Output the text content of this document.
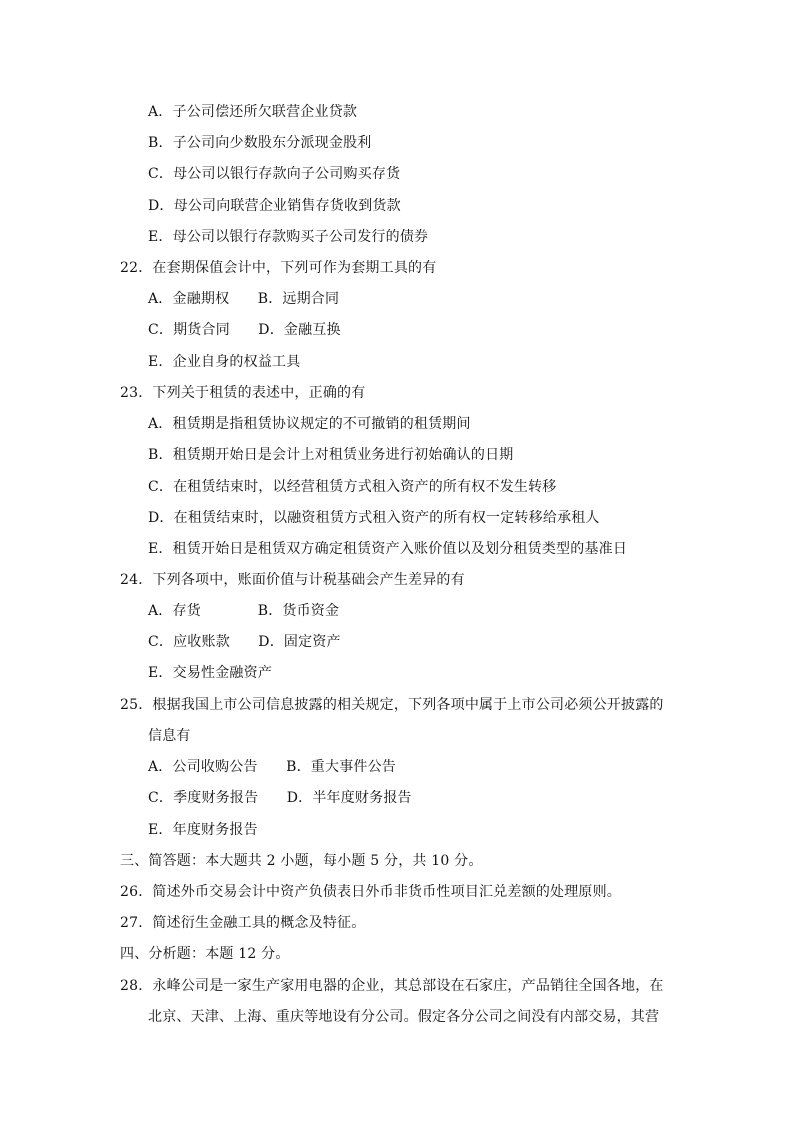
A．子公司偿还所欠联营企业贷款
B．子公司向少数股东分派现金股利
C．母公司以银行存款向子公司购买存货
D．母公司向联营企业销售存货收到货款
E．母公司以银行存款购买子公司发行的债券
22．在套期保值会计中，下列可作为套期工具的有
A．金融期权　　B．远期合同
C．期货合同　　D．金融互换
E．企业自身的权益工具
23．下列关于租赁的表述中，正确的有
A．租赁期是指租赁协议规定的不可撤销的租赁期间
B．租赁期开始日是会计上对租赁业务进行初始确认的日期
C．在租赁结束时，以经营租赁方式租入资产的所有权不发生转移
D．在租赁结束时，以融资租赁方式租入资产的所有权一定转移给承租人
E．租赁开始日是租赁双方确定租赁资产入账价值以及划分租赁类型的基准日
24．下列各项中，账面价值与计税基础会产生差异的有
A．存货　　　　B．货币资金
C．应收账款　　D．固定资产
E．交易性金融资产
25．根据我国上市公司信息披露的相关规定，下列各项中属于上市公司必须公开披露的
信息有
A．公司收购公告　　B．重大事件公告
C．季度财务报告　　D．半年度财务报告
E．年度财务报告
三、简答题：本大题共 2 小题，每小题 5 分，共 10 分。
26．简述外币交易会计中资产负债表日外币非货币性项目汇兑差额的处理原则。
27．简述衍生金融工具的概念及特征。
四、分析题：本题 12 分。
28．永峰公司是一家生产家用电器的企业，其总部设在石家庄，产品销往全国各地，在
北京、天津、上海、重庆等地设有分公司。假定各分公司之间没有内部交易，其营
